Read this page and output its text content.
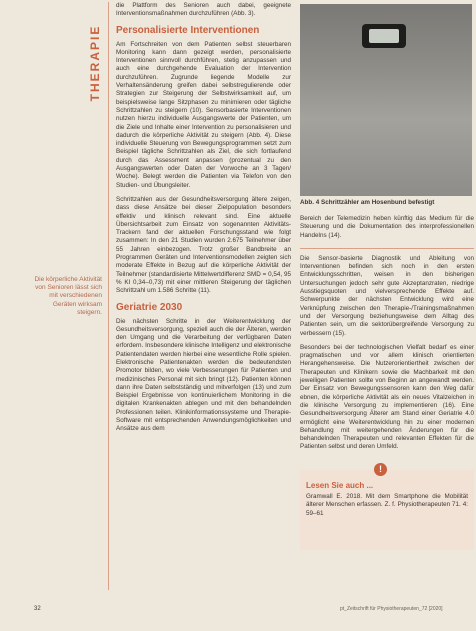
THERAPIE
Die körperliche Aktivität von Senioren lässt sich mit verschiedenen Geräten wirksam steigern.

die Plattform des Senioren auch dabei, geeignete Interventionsmaßnahmen durchzuführen (Abb. 3).

Personalisierte Interventionen

Am Fortschreiten von dem Patienten selbst steuerbaren Monitoring kann dann gezeigt werden, personalisierte Interventionen sinnvoll durchführen, stetig anzupassen und auch eine durchgehende Evaluation der Intervention durchzuführen. Zugrunde liegende Modelle zur Verhaltensänderung greifen dabei selbstregulierende oder Strategien zur Steigerung der Selbstwirksamkeit auf, um beispielsweise lange Sitzphasen zu minimieren oder tägliche Schrittzahlen zu steigern (10). Sensorbasierte Interventionen nutzen hierzu individuelle Ausgangswerte der Patienten, um die Ziele und Inhalte einer Intervention zu personalisieren und dadurch die körperliche Aktivität zu steigern (Abb. 4). Diese individuelle Steuerung von Bewegungsprogrammen setzt zum Beispiel tägliche Schrittzahlen als Ziel, die sich fortlaufend durch das Assessment anpassen (prozentual zu den Ausgangswerten oder Daten der Vorwoche an 3 Tagen/ Woche). Belegt werden die Patienten via Telefon von den Studien- und Übungsleiter.

Schrittzahlen aus der Gesundheitsversorgung ältere zeigen, dass diese Ansätze bei dieser Zielpopulation besonders effektiv und klinisch relevant sind. Eine aktuelle Übersichtsarbeit zum Einsatz von sogenannten Aktivitäts-Trackern fand der aktuellen Forschungsstand wie folgt zusammen: In den 21 Studien wurden 2.675 Teilnehmer über 55 Jahren einbezogen. Trotz großer Bandbreite an Programmen Geräten und Interventionsmodellen zeigten sich moderate Effekte in Bezug auf die körperliche Aktivität der Teilnehmer (standardisierte Mittelwertdifferenz SMD = 0,54, 95 % KI 0,34–0,73) mit einer mittleren Steigerung der täglichen Schrittzahl um 1.586 Schritte (11).

Geriatrie 2030

Die nächsten Schritte in der Weiterentwicklung der Gesundheitsversorgung, speziell auch die der Älteren, werden den Umgang und die Verarbeitung der verfügbaren Daten erfordern. Insbesondere klinische Intelligenz und elektronische Patientendaten werden hierbei eine wesentliche Rolle spielen. Elektronische Patientenakten werden die bedeutendsten Promotor bilden, wo viele Verbesserungen für Patienten und medizinisches Personal mit sich bringt (12). Patienten können dann ihre Daten selbstständig und mitverfolgen (13) und zum Beispiel Ergebnisse von kontinuierlichem Monitoring in die digitalen Krankenakten ablegen und mit den behandelnden Professionen teilen. Klinikinformationssysteme und Therapie-Software mit entsprechenden Anwendungsmöglichkeiten und Ansätze aus dem

Abb. 4 Schrittzähler am Hosenbund befestigt

Bereich der Telemedizin heben künftig das Medium für die Steuerung und die Dokumentation des interprofessionellen Handelns (14).

Die Sensor-basierte Diagnostik und Ableitung von Interventionen befinden sich noch in den ersten Entwicklungsschritten, weisen in den bisherigen Untersuchungen jedoch sehr gute Akzeptanzraten, niedrige Ausstiegsquoten und vielversprechende Effekte auf. Schwerpunkte der nächsten Entwicklung wird eine Verknüpfung zwischen den Therapie-/Trainingsmaßnahmen und der Versorgung beziehungsweise dem Alltag des Patienten sein, um die sektorübergreifende Versorgung zu verbessern (15).

Besonders bei der technologischen Vielfalt bedarf es einer pragmatischen und vor allem klinisch orientierten Herangehensweise. Die Nutzerorientiertheit zwischen der Therapeuten und Klinikern sowie die Machbarkeit mit den jeweiligen Patienten sollte von Beginn an angewandt werden. Der Einsatz von Bewegungssensoren kann den Weg dafür ebnen, die körperliche Aktivität als ein neues Vitalzeichen in die klinische Versorgung zu implementieren (16). Eine Gesundheitsversorgung Älterer am Stand einer Geriatrie 4.0 ermöglicht eine Weiterentwicklung hin zu einer modernen Behandlung mit weitergehenden Änderungen für die behandelnden Therapeuten und relevanten Effekten für die Patienten selbst und deren Umfeld.

!
Lesen Sie auch ...

Gramwall E. 2018. Mit dem Smartphone die Mobilität älterer Menschen erfassen. Z. f. Physiotherapeuten 71. 4: 59–61

32	pt_Zeitschrift für Physiotherapeuten_72 [2020]
